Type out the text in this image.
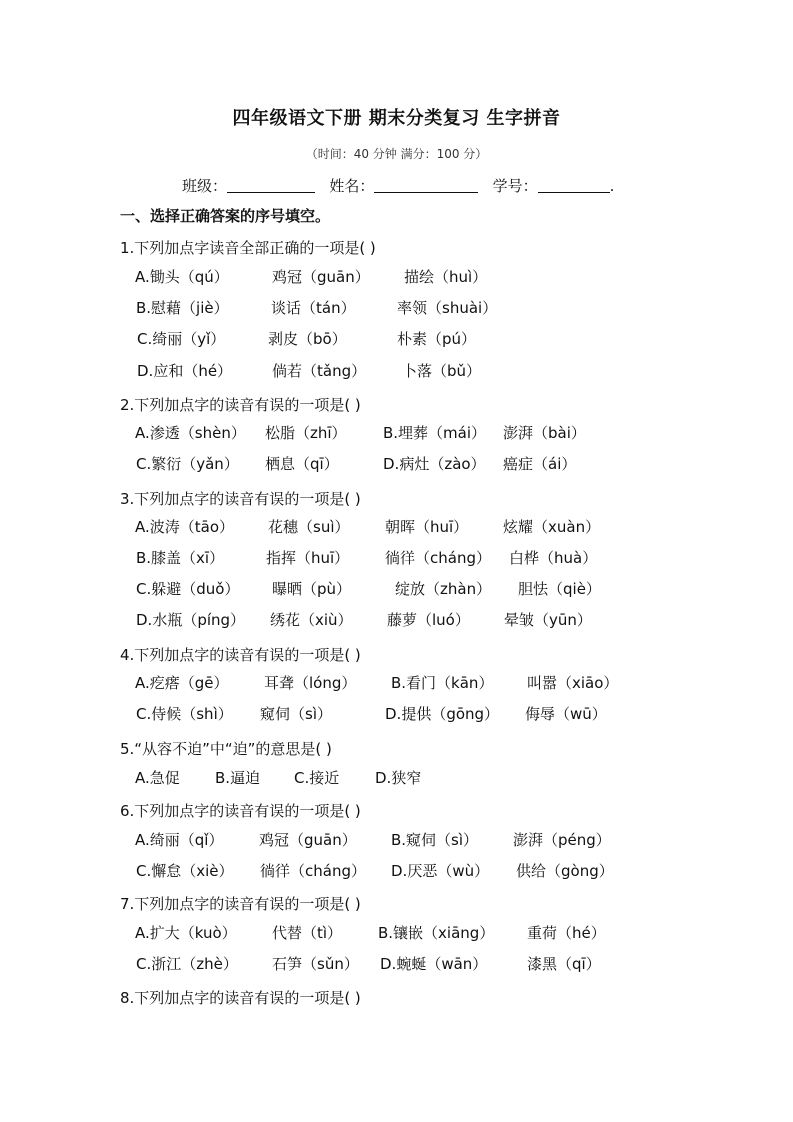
四年级语文下册 期末分类复习 生字拼音
（时间：40 分钟 满分：100 分）
班级：	姓名：	学号：	.
一、选择正确答案的序号填空。
1.下列加点字读音全部正确的一项是( )
A.锄头（qú）	鸡冠（guān） 描绘（huì）
B.慰藉（jiè）	谈话（tán）	率领（shuài）
C.绮丽（yǐ）	剥皮（bō）	朴素（pú）
D.应和（hé）	倘若（tǎng） 卜落（bǔ）
2.下列加点字的读音有误的一项是( )
A.渗透（shèn） 松脂（zhī） B.埋葬（mái） 澎湃（bài）
C.繁衍（yǎn） 栖息（qī）	D.病灶（zào） 癌症（ái）
3.下列加点字的读音有误的一项是( )
A.波涛（tāo） 花穗（suì） 朝晖（huī） 炫耀（xuàn）
B.膝盖（xī）	指挥（huī） 徜徉（cháng） 白桦（huà）
C.躲避（duǒ） 曝晒（pù）	绽放（zhàn） 胆怯（qiè）
D.水瓶（píng） 绣花（xiù） 藤萝（luó） 晕皱（yūn）
4.下列加点字的读音有误的一项是( )
A.疙瘩（gē） 耳聋（lóng） B.看门（kān） 叫嚣（xiāo）
C.侍候（shì） 窥伺（sì）	D.提供（gōng） 侮辱（wū）
5.“从容不迫”中“迫”的意思是( )
A.急促 B.逼迫 C.接近 D.狭窄
6.下列加点字的读音有误的一项是( )
A.绮丽（qǐ） 鸡冠（guān） B.窥伺（sì） 澎湃（péng）
C.懈怠（xiè） 徜徉（cháng） D.厌恶（wù） 供给（gòng）
7.下列加点字的读音有误的一项是( )
A.扩大（kuò） 代替（tì） B.镶嵌（xiāng） 重荷（hé）
C.浙江（zhè） 石笋（sǔn） D.蜿蜒（wān）	漆黑（qī）
8.下列加点字的读音有误的一项是( )
